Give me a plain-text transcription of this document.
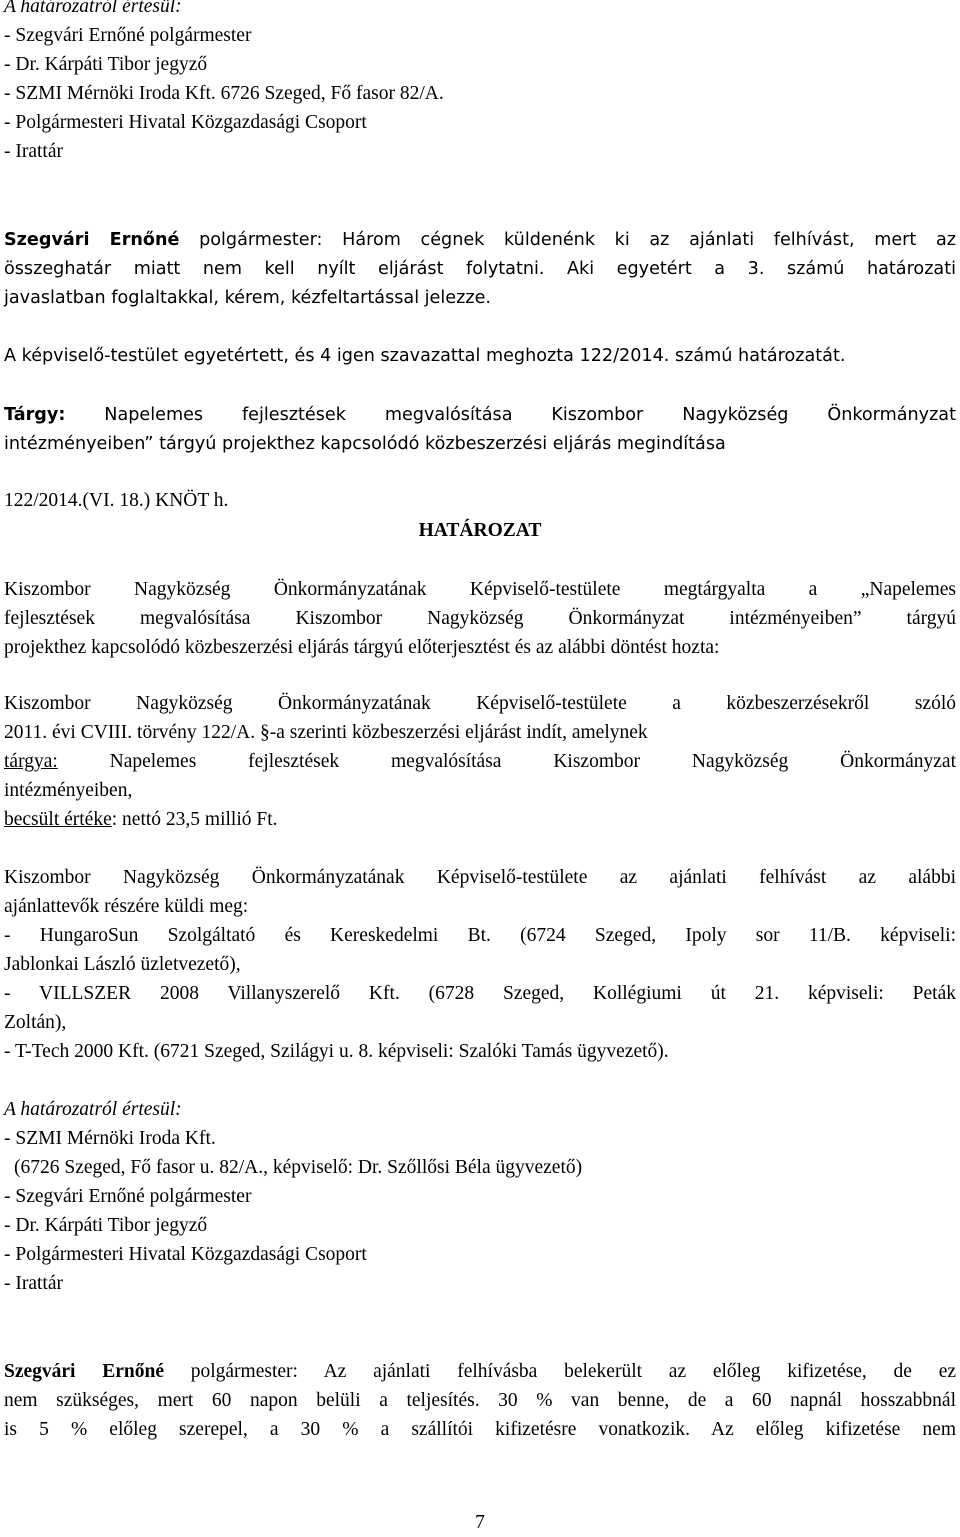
A határozatról értesül:
- Szegvári Ernőné polgármester
- Dr. Kárpáti Tibor jegyző
- SZMI Mérnöki Iroda Kft. 6726 Szeged, Fő fasor 82/A.
- Polgármesteri Hivatal Közgazdasági Csoport
- Irattár
Szegvári Ernőné polgármester: Három cégnek küldenénk ki az ajánlati felhívást, mert az
összeghatár miatt nem kell nyílt eljárást folytatni. Aki egyetért a 3. számú határozati
javaslatban foglaltakkal, kérem, kézfeltartással jelezze.
A képviselő-testület egyetértett, és 4 igen szavazattal meghozta 122/2014. számú határozatát.
Tárgy: Napelemes fejlesztések megvalósítása Kiszombor Nagyközség Önkormányzat
intézményeiben” tárgyú projekthez kapcsolódó közbeszerzési eljárás megindítása
122/2014.(VI. 18.) KNÖT h.
HATÁROZAT
Kiszombor Nagyközség Önkormányzatának Képviselő-testülete megtárgyalta a „Napelemes
fejlesztések megvalósítása Kiszombor Nagyközség Önkormányzat intézményeiben” tárgyú
projekthez kapcsolódó közbeszerzési eljárás tárgyú előterjesztést és az alábbi döntést hozta:
Kiszombor Nagyközség Önkormányzatának Képviselő-testülete a közbeszerzésekről szóló
2011. évi CVIII. törvény 122/A. §-a szerinti közbeszerzési eljárást indít, amelynek
tárgya: Napelemes fejlesztések megvalósítása Kiszombor Nagyközség Önkormányzat
intézményeiben,
becsült értéke: nettó 23,5 millió Ft.
Kiszombor Nagyközség Önkormányzatának Képviselő-testülete az ajánlati felhívást az alábbi
ajánlattevők részére küldi meg:
- HungaroSun Szolgáltató és Kereskedelmi Bt. (6724 Szeged, Ipoly sor 11/B. képviseli:
Jablonkai László üzletvezető),
- VILLSZER 2008 Villanyszerelő Kft. (6728 Szeged, Kollégiumi út 21. képviseli: Peták
Zoltán),
- T-Tech 2000 Kft. (6721 Szeged, Szilágyi u. 8. képviseli: Szalóki Tamás ügyvezető).
A határozatról értesül:
- SZMI Mérnöki Iroda Kft.
(6726 Szeged, Fő fasor u. 82/A., képviselő: Dr. Szőllősi Béla ügyvezető)
- Szegvári Ernőné polgármester
- Dr. Kárpáti Tibor jegyző
- Polgármesteri Hivatal Közgazdasági Csoport
- Irattár
Szegvári Ernőné polgármester: Az ajánlati felhívásba belekerült az előleg kifizetése, de ez
nem szükséges, mert 60 napon belüli a teljesítés. 30 % van benne, de a 60 napnál hosszabbnál
is 5 % előleg szerepel, a 30 % a szállítói kifizetésre vonatkozik. Az előleg kifizetése nem
7
